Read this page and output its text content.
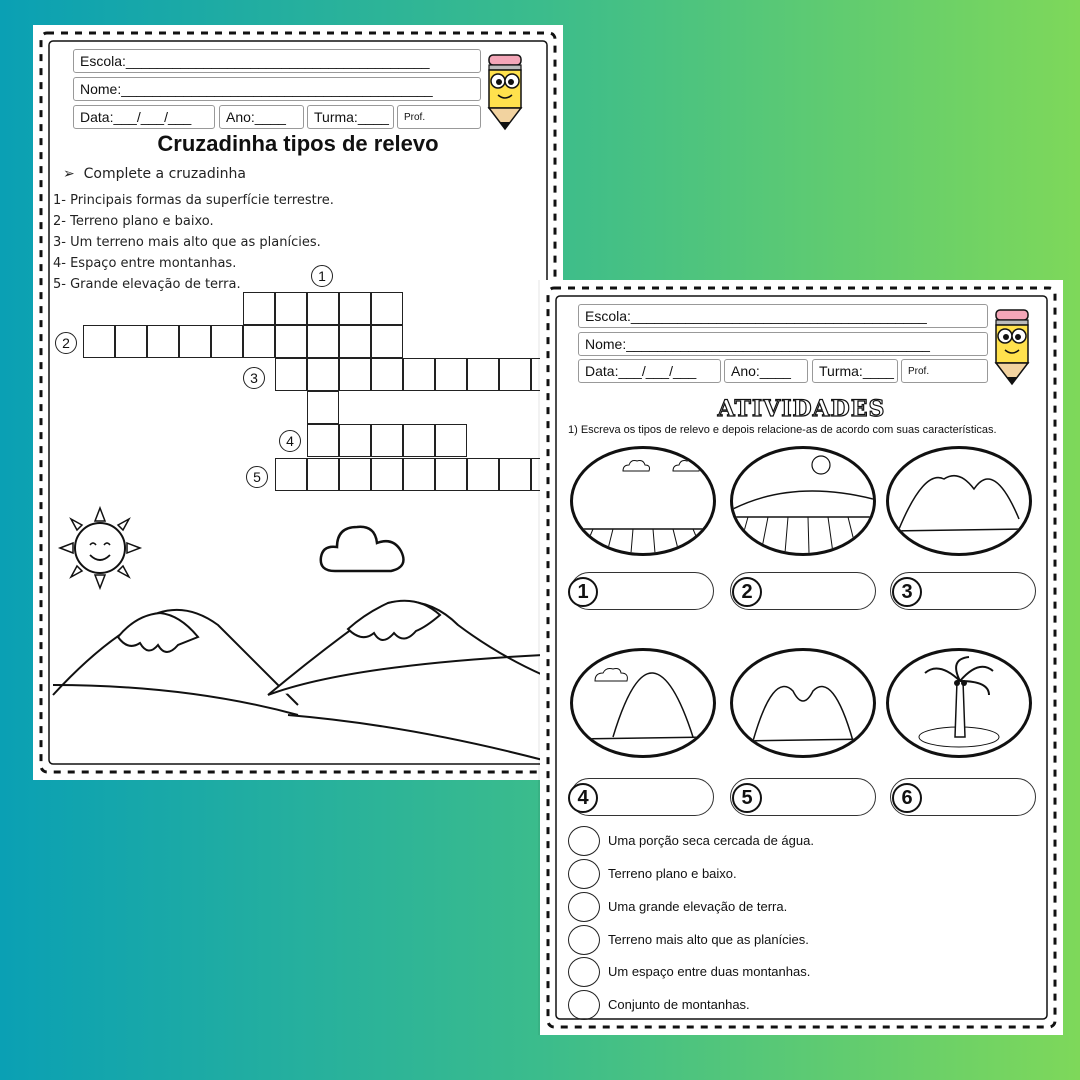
Escola:_______________________________________
Nome:________________________________________
Data:___/___/___	Ano:____	Turma:____	Prof.
Cruzadinha tipos de relevo
➢  Complete a cruzadinha
1- Principais formas da superfície terrestre.
2- Terreno plano e baixo.
3- Um terreno mais alto que as planícies.
4- Espaço entre montanhas.
5- Grande elevação de terra.
1
2
3
4
5
Escola:______________________________________
Nome:_______________________________________
Data:___/___/___	Ano:____	Turma:____	Prof.
ATIVIDADES
1) Escreva os tipos de relevo e depois relacione-as de acordo com suas características.
1	2	3
4	5	6
Uma porção seca cercada de água.
Terreno plano e baixo.
Uma grande elevação de terra.
Terreno mais alto que as planícies.
Um espaço entre duas montanhas.
Conjunto de montanhas.
